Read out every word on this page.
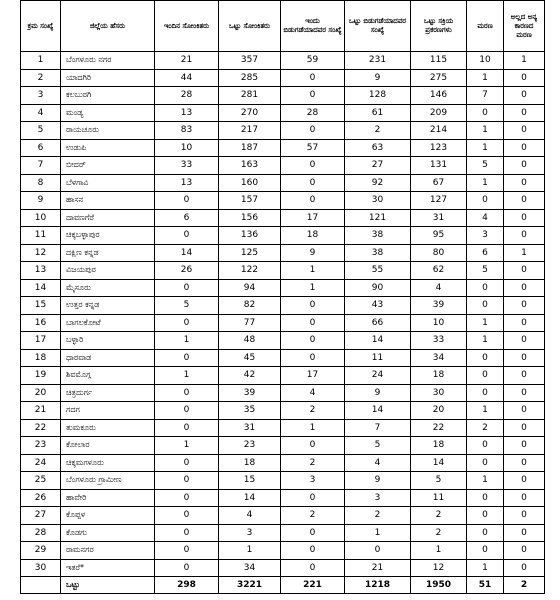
ಕ್ರಮ ಸಂಖ್ಯೆ	ಜಿಲ್ಲೆಯ ಹೆಸರು	ಇಂದಿನ ಸೋಂಕಿತರು	ಒಟ್ಟು ಸೋಂಕಿತರು	ಇಂದು ಬಿಡುಗಡೆಯಾದವರ ಸಂಖ್ಯೆ	ಒಟ್ಟು ಬಿಡುಗಡೆಯಾದವರ ಸಂಖ್ಯೆ	ಒಟ್ಟು ಸಕ್ರಿಯ ಪ್ರಕರಣಗಳು	ಮರಣ	ಅಲ್ಲದ ಅನ್ಯ ಕಾರಣದ ಮರಣ

1	ಬೆಂಗಳೂರು ನಗರ	21	357	59	231	115	10	1
2	ಯಾದಗಿರಿ	44	285	0	9	275	1	0
3	ಕಲಬುರಗಿ	28	281	0	128	146	7	0
4	ಮಂಡ್ಯ	13	270	28	61	209	0	0
5	ರಾಯಚೂರು	83	217	0	2	214	1	0
6	ಉಡುಪಿ	10	187	57	63	123	1	0
7	ಬೀದರ್	33	163	0	27	131	5	0
8	ಬೆಳಗಾವಿ	13	160	0	92	67	1	0
9	ಹಾಸನ	0	157	0	30	127	0	0
10	ದಾವಣಗೆರೆ	6	156	17	121	31	4	0
11	ಚಿಕ್ಕಬಳ್ಳಾಪುರ	0	136	18	38	95	3	0
12	ದಕ್ಷಿಣ ಕನ್ನಡ	14	125	9	38	80	6	1
13	ವಿಜಯಪುರ	26	122	1	55	62	5	0
14	ಮೈಸೂರು	0	94	1	90	4	0	0
15	ಉತ್ತರ ಕನ್ನಡ	5	82	0	43	39	0	0
16	ಬಾಗಲಕೋಟೆ	0	77	0	66	10	1	0
17	ಬಳ್ಳಾರಿ	1	48	0	14	33	1	0
18	ಧಾರವಾಡ	0	45	0	11	34	0	0
19	ಶಿವಮೊಗ್ಗ	1	42	17	24	18	0	0
20	ಚಿತ್ರದುರ್ಗ	0	39	4	9	30	0	0
21	ಗದಗ	0	35	2	14	20	1	0
22	ತುಮಕೂರು	0	31	1	7	22	2	0
23	ಕೋಲಾರ	1	23	0	5	18	0	0
24	ಚಿಕ್ಕಮಗಳೂರು	0	18	2	4	14	0	0
25	ಬೆಂಗಳೂರು ಗ್ರಾಮೀಣ	0	15	3	9	5	1	0
26	ಹಾವೇರಿ	0	14	0	3	11	0	0
27	ಕೊಪ್ಪಳ	0	4	2	2	2	0	0
28	ಕೊಡಗು	0	3	0	1	2	0	0
29	ರಾಮನಗರ	0	1	0	0	1	0	0
30	ಇತರೆ*	0	34	0	21	12	1	0
	ಒಟ್ಟು	298	3221	221	1218	1950	51	2
